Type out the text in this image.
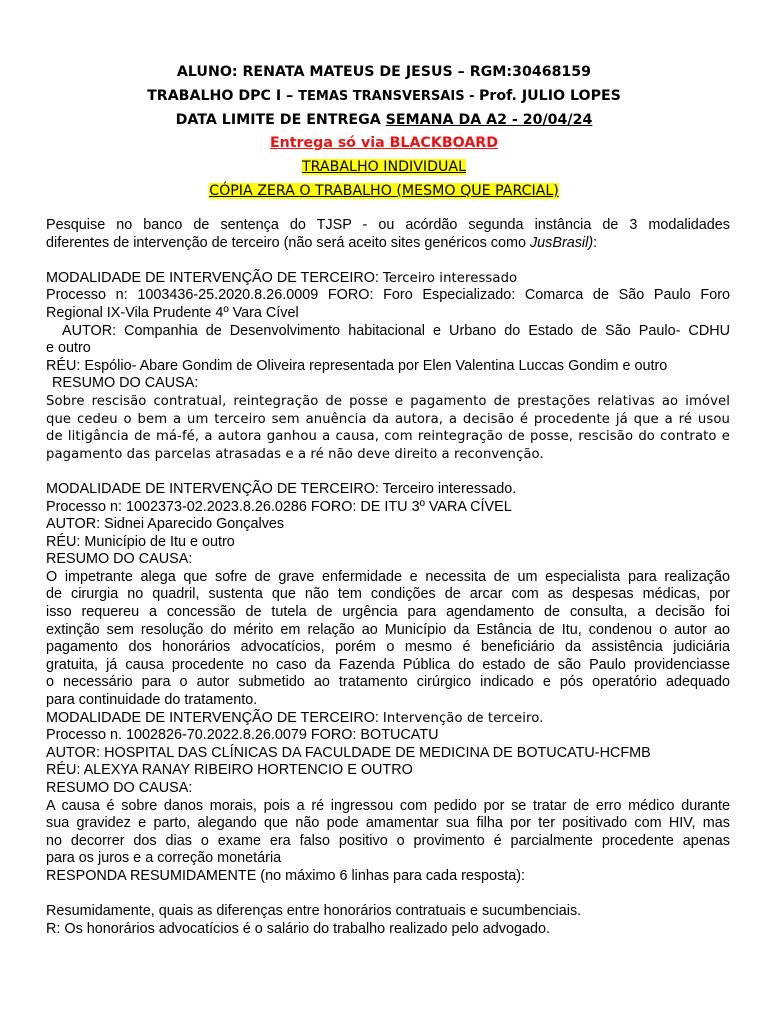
ALUNO: RENATA MATEUS DE JESUS – RGM:30468159
TRABALHO DPC I – TEMAS TRANSVERSAIS - Prof. JULIO LOPES
DATA LIMITE DE ENTREGA SEMANA DA A2 - 20/04/24
Entrega só via BLACKBOARD
TRABALHO INDIVIDUAL
CÓPIA ZERA O TRABALHO (MESMO QUE PARCIAL)
Pesquise no banco de sentença do TJSP - ou acórdão segunda instância de 3 modalidades
diferentes de intervenção de terceiro (não será aceito sites genéricos como JusBrasil):
MODALIDADE DE INTERVENÇÃO DE TERCEIRO: Terceiro interessado
Processo n: 1003436-25.2020.8.26.0009 FORO: Foro Especializado: Comarca de São Paulo Foro
Regional IX-Vila Prudente 4º Vara Cível
AUTOR: Companhia de Desenvolvimento habitacional e Urbano do Estado de São Paulo- CDHU
e outro
RÉU: Espólio- Abare Gondim de Oliveira representada por Elen Valentina Luccas Gondim e outro
RESUMO DO CAUSA:
Sobre rescisão contratual, reintegração de posse e pagamento de prestações relativas ao imóvel
que cedeu o bem a um terceiro sem anuência da autora, a decisão é procedente já que a ré usou
de litigância de má-fé, a autora ganhou a causa, com reintegração de posse, rescisão do contrato e
pagamento das parcelas atrasadas e a ré não deve direito a reconvenção.
MODALIDADE DE INTERVENÇÃO DE TERCEIRO: Terceiro interessado.
Processo n: 1002373-02.2023.8.26.0286 FORO: DE ITU 3º VARA CÍVEL
AUTOR: Sidnei Aparecido Gonçalves
RÉU: Município de Itu e outro
RESUMO DO CAUSA:
O impetrante alega que sofre de grave enfermidade e necessita de um especialista para realização
de cirurgia no quadril, sustenta que não tem condições de arcar com as despesas médicas, por
isso requereu a concessão de tutela de urgência para agendamento de consulta, a decisão foi
extinção sem resolução do mérito em relação ao Município da Estância de Itu, condenou o autor ao
pagamento dos honorários advocatícios, porém o mesmo é beneficiário da assistência judiciária
gratuita, já causa procedente no caso da Fazenda Pública do estado de são Paulo providenciasse
o necessário para o autor submetido ao tratamento cirúrgico indicado e pós operatório adequado
para continuidade do tratamento.
MODALIDADE DE INTERVENÇÃO DE TERCEIRO: Intervenção de terceiro.
Processo n. 1002826-70.2022.8.26.0079 FORO: BOTUCATU
AUTOR: HOSPITAL DAS CLÍNICAS DA FACULDADE DE MEDICINA DE BOTUCATU-HCFMB
RÉU: ALEXYA RANAY RIBEIRO HORTENCIO E OUTRO
RESUMO DO CAUSA:
A causa é sobre danos morais, pois a ré ingressou com pedido por se tratar de erro médico durante
sua gravidez e parto, alegando que não pode amamentar sua filha por ter positivado com HIV, mas
no decorrer dos dias o exame era falso positivo o provimento é parcialmente procedente apenas
para os juros e a correção monetária
RESPONDA RESUMIDAMENTE (no máximo 6 linhas para cada resposta):
Resumidamente, quais as diferenças entre honorários contratuais e sucumbenciais.
R: Os honorários advocatícios é o salário do trabalho realizado pelo advogado.
